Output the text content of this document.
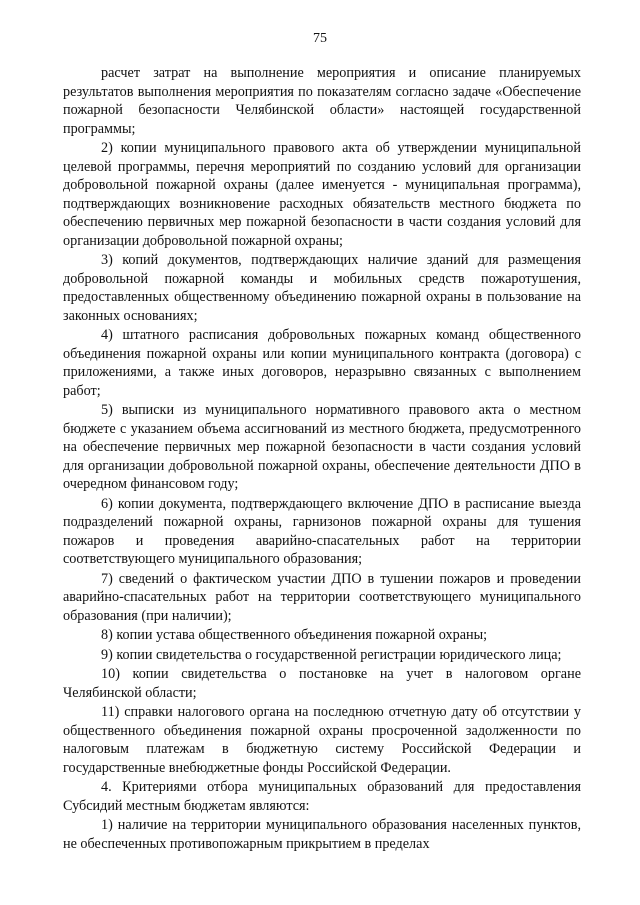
75

расчет затрат на выполнение мероприятия и описание планируемых результатов выполнения мероприятия по показателям согласно задаче «Обеспечение пожарной безопасности Челябинской области» настоящей государственной программы;

2) копии муниципального правового акта об утверждении муниципальной целевой программы, перечня мероприятий по созданию условий для организации добровольной пожарной охраны (далее именуется - муниципальная программа), подтверждающих возникновение расходных обязательств местного бюджета по обеспечению первичных мер пожарной безопасности в части создания условий для организации добровольной пожарной охраны;

3) копий документов, подтверждающих наличие зданий для размещения добровольной пожарной команды и мобильных средств пожаротушения, предоставленных общественному объединению пожарной охраны в пользование на законных основаниях;

4) штатного расписания добровольных пожарных команд общественного объединения пожарной охраны или копии муниципального контракта (договора) с приложениями, а также иных договоров, неразрывно связанных с выполнением работ;

5) выписки из муниципального нормативного правового акта о местном бюджете с указанием объема ассигнований из местного бюджета, предусмотренного на обеспечение первичных мер пожарной безопасности в части создания условий для организации добровольной пожарной охраны, обеспечение деятельности ДПО в очередном финансовом году;

6) копии документа, подтверждающего включение ДПО в расписание выезда подразделений пожарной охраны, гарнизонов пожарной охраны для тушения пожаров и проведения аварийно-спасательных работ на территории соответствующего муниципального образования;

7) сведений о фактическом участии ДПО в тушении пожаров и проведении аварийно-спасательных работ на территории соответствующего муниципального образования (при наличии);

8) копии устава общественного объединения пожарной охраны;

9) копии свидетельства о государственной регистрации юридического лица;

10) копии свидетельства о постановке на учет в налоговом органе Челябинской области;

11) справки налогового органа на последнюю отчетную дату об отсутствии у общественного объединения пожарной охраны просроченной задолженности по налоговым платежам в бюджетную систему Российской Федерации и государственные внебюджетные фонды Российской Федерации.

4. Критериями отбора муниципальных образований для предоставления Субсидий местным бюджетам являются:

1) наличие на территории муниципального образования населенных пунктов, не обеспеченных противопожарным прикрытием в пределах
